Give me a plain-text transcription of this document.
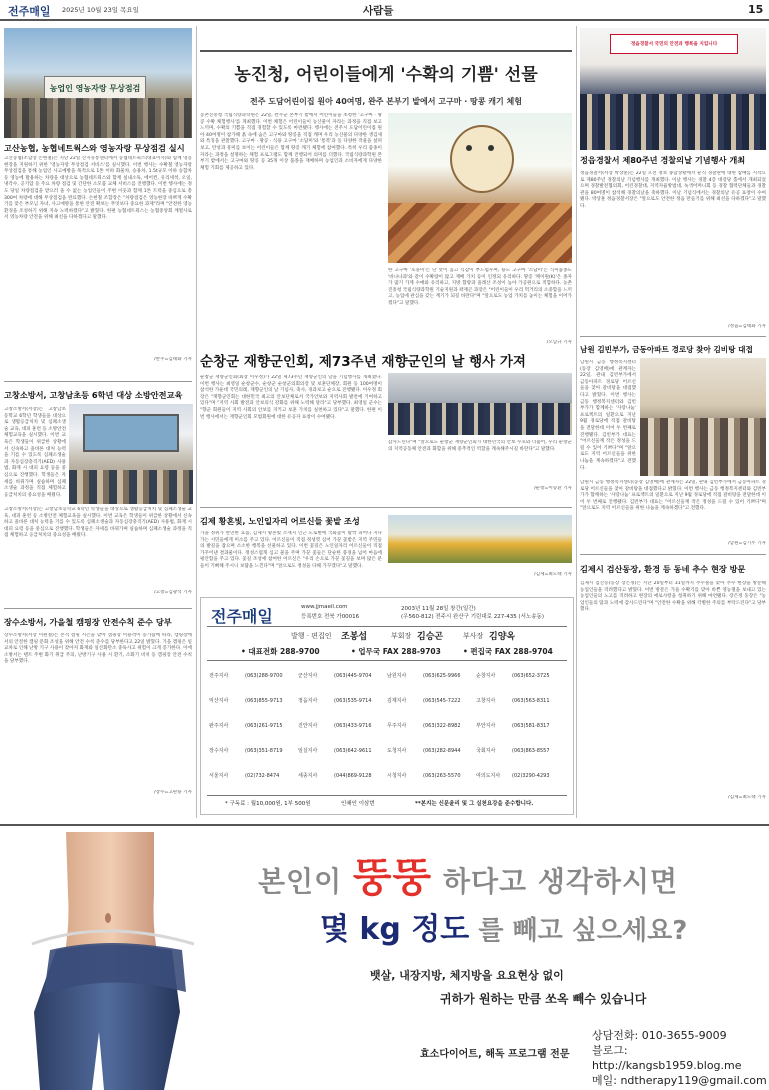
전주매일 2025년 10월 23일 목요일	사람들	15
농업인 영농자랑 무상점검
고산농협, 농협네트웍스와 영농자랑 무상점검 실시
고산농협(조합장 손현철)은 지난 22일 산지유통센터에서 농협네트웍스(대표이사)와 함께 영농현장을 지원하기 위한 '영농자랑 무상점검 서비스'를 실시했다. 이번 행사는 수확철 영농자랑 무상점검을 통해 농업인 사고예방을 목적으로 1톤 이하 화물차, 승용차, 1.5t규모 이하 승합차 등 영농에 활용하는 차량을 대상으로 농협네트웍스와 함께 실내소독, 에어컨, 유리세척, 오일, 냉각수, 공기압 등 주요 차량 점검 및 간단한 소모품 교체 서비스를 진행했다. 이번 행사에는 정도 당일 차량점검을 받으러 올 수 없는 농업인들이 주변 이웃과 함께 1톤 트럭을 중심으로 총 300여 차량에 대해 무상점검을 완료했다. 손현철 조합장은 "차량점검은 영농현장 바쁘게 수확기를 맞은 부모님 자녀, 사고예방을 통한 안전 확보는 무엇보다 중요한 과제"라며 "안전한 영농환경을 조성하기 위해 지속 노력하겠다"고 밝혔다. 한편 농협네트웍스는 농협중앙회 계열사로서 영농차량 안전을 위해 최선을 다하겠다고 말했다.
/완주=김태화 기자
고창소방서, 고창남초등 6학년 대상 소방안전교육
고창소방서(서장)는 고창남초등학교 6학년 학생들을 대상으로 생활응급처치 및 심폐소생술 교육, 대피 훈련 등 소방안전 체험교육을 실시했다. 이번 교육은 학생들이 위급한 상황에서 신속하고 올바른 대처 능력을 기를 수 있도록 심폐소생술과 자동심장충격기(AED) 사용법, 화재 시 대피 요령 등을 중심으로 진행했다. 학생들은 자세를 바꿔가며 실습하며 심폐소생술 과정을 직접 체험하고 응급처치의 중요성을 배웠다.
고창소방서(서장)는 고창남초등학교 6학년 학생들을 대상으로 생활응급처치 및 심폐소생술 교육, 대피 훈련 등 소방안전 체험교육을 실시했다. 이번 교육은 학생들이 위급한 상황에서 신속하고 올바른 대처 능력을 기를 수 있도록 심폐소생술과 자동심장충격기(AED) 사용법, 화재 시 대피 요령 등을 중심으로 진행했다. 학생들은 자세를 바꿔가며 실습하며 심폐소생술 과정을 직접 체험하고 응급처치의 중요성을 배웠다.
/고창=김광석 기자
장수소방서, 가을철 캠핑장 안전수칙 준수 당부
장수소방서(서장 이원철)는 본격 캠핑 시즌을 맞아 캠핑장 이용객이 증가함에 따라, 캠핑장에서의 안전한 캠핑 문화 조성을 위해 안전 수칙 준수를 당부한다고 22일 밝혔다. 가을 캠핑은 일교차로 인해 난방 기구 사용이 잦아져 화재와 일산화탄소 중독사고 위험이 크게 증가한다. 이에 소방서는 텐트 주변 화기 취급 주의, 난방기구 사용 시 환기, 소화기 비치 등 캠핑장 안전 수칙을 당부했다.
/장수=고판용 기자
농진청, 어린이들에게 '수확의 기쁨' 선물
전주 도담어린이집 원아 40여명, 완주 본부기 밭에서 고구마 · 땅콩 캐기 체험
농촌진흥청 국립식량과학원은 22일, 완주군 본부기 밭에서 어린이들을 초청한 '고구마 · 땅콩 수확 체험행사'를 개최했다. 이번 체험은 어린이들이 농산물이 자라는 과정을 직접 보고 느끼며, 수확의 기쁨을 직접 경험할 수 있도록 마련됐다. 행사에는 전주시 도담어린이집 원아 40여명이 참가해 흙 속에 숨은 고구마와 땅콩을 직접 캐며 우리 농산물의 다양한 생김새와 특징을 관찰했다. 고구마 · 땅콩 · 식용 고구마 '소담미'와 '통복'과 등 다양한 작물을 살펴보고, 탄성과 흥미를 보이는 어린이들은 함께 땅콩 캐기 체험에 참여했다. 특히 우리 품종이 자라는 과정을 설명하는 체험 프로그램도 함께 진행되어 의미를 더했다. 국립식량과학원 본부기 밭에서는 고구마와 땅콩 등 35개 이상 품종을 재배하며 농업인과 소비자에게 다양한 체험 기회를 제공하고 있다.
한 고구마 '호풍미'는 단 맛이 높고 식감이 부드럽우며, 용도 고구마 '소담미'는 식미품종도 '바나나과'와 같이 수확량이 많고 재배 가치 등이 인정되 유리하다. 땅콩 '케이원(K)'은 종자가 많기 가계 수매와 유리하고, 지방 함량과 올레산 조성이 높아 가공원으로 적합하다. 농촌진흥청 국립식량과학원 기술지원과 곽재곤 과장은 "어린이들이 우리 먹거리의 소중함을 느끼고, 농업에 관심을 갖는 계기가 되길 바란다"며 "앞으로도 농업 가치를 높이는 체험을 이어가겠다"고 말했다.
/오남규 기자
순창군 재향군인회, 제73주년 재향군인의 날 행사 가져
순창군 재향군인회(회장 이우정)가 22일 제73주년 재향군인의 날을 기념행사를 개최했다. 이번 행사는 최영일 순창군수, 순창군 순창군의회의장 및 보훈단체장, 회원 등 100여명이 참석한 가운데 국민의례, 재향군인의 날 기념사, 축사, 경과보고 순으로 진행됐다. 이우정 회장은 "재향군인회는 대한민국 최고의 안보단체로서 국가안보와 지역사회 발전에 기여하고 있다"며 "지역 사회 발전과 안보의식 강화를 위해 노력해 달라"고 당부했다. 최영일 군수는 "향군 회원들이 지역 사회의 안보를 지키고 보훈 가치를 실천하고 있다"고 말했다. 한편 이번 행사에서는 재향군인회 모범회원에 대한 유공자 표창이 수여됐다.
감사드린다"며 "앞으로도 순창군 재향군인회가 대한민국의 안보 수호와 더불어, 우리 순창군의 지역공동체 안전과 화합을 위해 중추적인 역할을 계속해주시길 바란다"고 말했다.
/순창=이승환 기자
김제 황혼빛, 노인일자리 어르신들 꽃밭 조성
가을 정취가 완연한 요즘, 김제시 황혼빛 소재지 인근 도로변에 국화꽃이 활짝 피어나 지나가는 시민들에게 미소를 주고 있다. 어르신들이 직접 정성껏 심어 가꾼 꽃밭은 지역 주민들의 발길을 잡으며 소소한 행복을 선물하고 있다. 이번 꽃길은 노인일자리 어르신들이 직접 가꾸어낸 결과물이다. 정성스럽게 심고 물을 주며 가꾼 꽃들은 단순한 풍경을 넘어 마음에 평안함을 주고 있다. 꽃길 조성에 참여한 어르신은 "우리 손으로 가꾼 꽃길을 보며 많은 분들이 기뻐해 주시니 보람을 느낀다"며 "앞으로도 정성을 다해 가꾸겠다"고 말했다.
/김제=최노태 기자
전주매일	www.jjmaeil.com
등록번호 전북 가00016
2003년 11월 28일 창간(일간)
(우560-812) 전주시 완산구 기린대로 227-435 (서노송동)
발행 · 편집인 조봉섭	부회장 김승곤	부사장 김양옥
• 대표전화 288-9700	• 업무국 FAX 288-9703	• 편집국 FAX 288-9704
전주지사	(063)288-9700	군산지사	(063)445-9704	남원지사	(063)625-9966	순창지사	(063)652-3725
익산지사	(063)855-9713	정읍지사	(063)535-9714	김제지사	(063)545-7222	고창지사	(063)563-8311
완주지사	(063)261-9715	진안지사	(063)433-9716	무주지사	(063)322-8982	부안지사	(063)581-8317
장수지사	(063)351-8719	임실지사	(063)642-9611	도청지사	(063)282-8944	국회지사	(063)863-8557
서울지사	(02)732-8474	세종지사	(044)869-9128	시청지사	(063)263-5570	여의도지사	(02)3290-4293
* 구독료 : 월10,000원, 1부 500원	인쇄인 이삼번	**본지는 신문윤리 및 그 실천요강을 준수합니다.
정읍경찰서 국민의 안전과 행복을 지킵니다
정읍경찰서 제80주년 경찰의날 기념행사 개최
정읍경찰서(서장 박상훈)는 22일 오전 정보 종합상황에서 순직 경찰관에 대한 참배를 시작으로 제80주년 경찰의날 기념행사를 개최했다. 이날 행사는 경찰 4층 대강당 홀에서 개최되었으며 경찰발전협의회, 어린경찰대, 지역자율방범대, 녹색어머니회 등 경찰 협력단체들과 경찰관을 80여명이 참석해 경찰의날을 축하했다. 이날 기념식에서는 경찰의날 유공 표창이 수여됐다. 박상훈 정읍경찰서장은 "앞으로도 안전한 정읍 만들기를 위해 최선을 다하겠다"고 말했다.
/정읍=김태화 기자
남원 김빈부가, 금동아파트 경로당 찾아 김비탕 대접
남원시 금동 행정복지센터(동장 김영배)에 관계자는 22일, 관내 김빈부가에서 금동아파트 경로당 어르신들을 찾아 갈비탕을 대접했다고 밝혔다. 이번 행사는 금동 행정복지센터와 김빈부가가 함께하는 '사랑나눔' 프로젝트의 일환으로 지난 9월 경로당에 직접 갈비탕을 전달한데 이어 두 번째로 진행됐다. 김빈부가 대표는 "어르신들께 작은 정성을 드릴 수 있어 기쁘다"며 "앞으로도 지역 어르신들을 위한 나눔을 계속하겠다"고 전했다.
남원시 금동 행정복지센터(동장 김영배)에 관계자는 22일, 관내 김빈부가에서 금동아파트 경로당 어르신들을 찾아 갈비탕을 대접했다고 밝혔다. 이번 행사는 금동 행정복지센터와 김빈부가가 함께하는 '사랑나눔' 프로젝트의 일환으로 지난 9월 경로당에 직접 갈비탕을 전달한데 이어 두 번째로 진행됐다. 김빈부가 대표는 "어르신들께 작은 정성을 드릴 수 있어 기쁘다"며 "앞으로도 지역 어르신들을 위한 나눔을 계속하겠다"고 전했다.
/남원=김기두 기자
김제시 검산동장, 환경 등 동네 추수 현장 방문
김제시 검산동(동장 장은정)은 지난 20일부터 31일까지 추수철을 맞아 추수 현장을 방문해 농업인들을 격려했다고 밝혔다. 이번 방문은 가을 수확기를 맞아 바쁜 영농철을 보내고 있는 농업인들의 노고를 격려하고 현장의 애로사항을 청취하기 위해 마련됐다. 장은정 동장은 "농업인들의 땀과 노력에 감사드린다"며 "안전한 수확을 위해 각별한 주의를 부탁드린다"고 당부했다.
/김제=최노태 기자
본인이 뚱뚱 하다고 생각하시면
몇 kg 정도 를 빼고 싶으세요?
뱃살, 내장지방, 체지방을 요요현상 없이
귀하가 원하는 만큼 쏘옥 빼수 있습니다
효소다이어트, 해독 프로그램 전문
상담전화: 010-3655-9009
블로그: http://kangsb1959.blog.me
메일: ndtherapy119@gmail.com
